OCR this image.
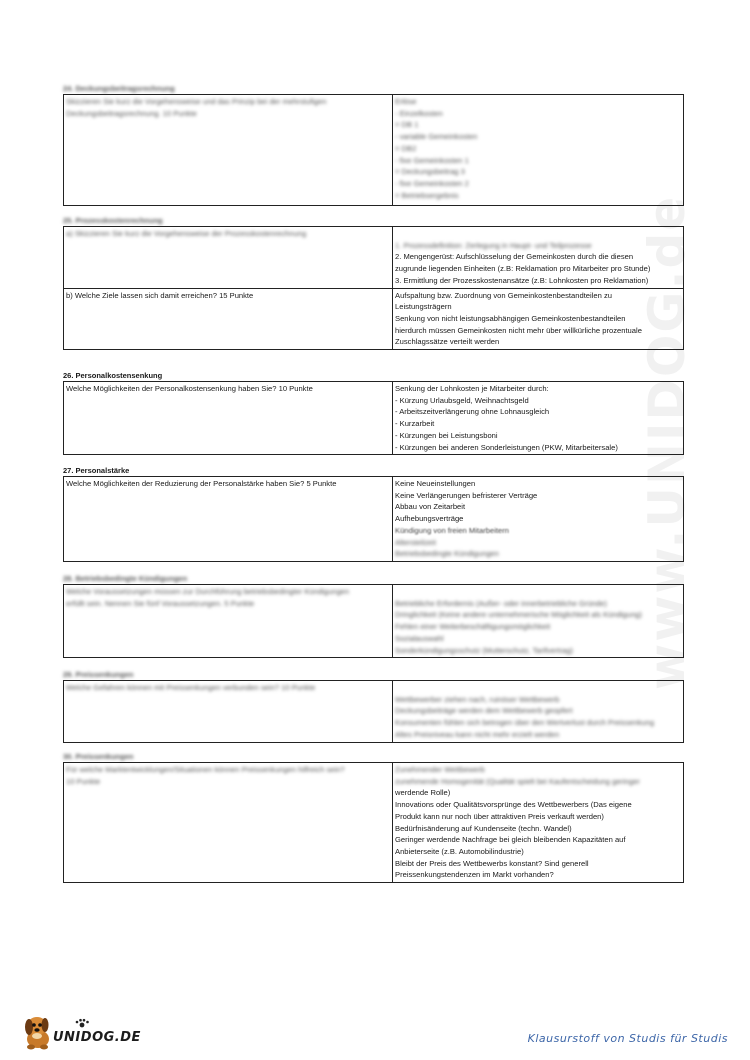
www.UNIDOG.de
24. Deckungsbeitragsrechnung
Skizzieren Sie kurz die Vorgehensweise und das Prinzip bei der mehrstufigen
Deckungsbeitragsrechnung. 10 Punkte

Erlöse
- Einzelkosten
= DB 1
- variable Gemeinkosten
= DB2
- fixe Gemeinkosten 1
= Deckungsbeitrag 3
- fixe Gemeinkosten 2
= Betriebsergebnis
25. Prozesskostenrechnung
a) Skizzieren Sie kurz die Vorgehensweise der Prozesskostenrechnung	1. Prozessdefinition: Zerlegung in Haupt- und Teilprozesse
2. Mengengerüst: Aufschlüsselung der Gemeinkosten durch die diesen
zugrunde liegenden Einheiten (z.B: Reklamation pro Mitarbeiter pro Stunde)
3. Ermittlung der Prozesskostenansätze (z.B: Lohnkosten pro Reklamation)

b) Welche Ziele lassen sich damit erreichen? 15 Punkte	Aufspaltung bzw. Zuordnung von Gemeinkostenbestandteilen zu
Leistungsträgern
Senkung von nicht leistungsabhängigen Gemeinkostenbestandteilen
hierdurch müssen Gemeinkosten nicht mehr über willkürliche prozentuale
Zuschlagssätze verteilt werden
26. Personalkostensenkung
Welche Möglichkeiten der Personalkostensenkung haben Sie? 10 Punkte	Senkung der Lohnkosten je Mitarbeiter durch:
- Kürzung Urlaubsgeld, Weihnachtsgeld
- Arbeitszeitverlängerung ohne Lohnausgleich
- Kurzarbeit
- Kürzungen bei Leistungsboni
- Kürzungen bei anderen Sonderleistungen (PKW, Mitarbeitersale)
27. Personalstärke
Welche Möglichkeiten der Reduzierung der Personalstärke haben Sie? 5 Punkte	Keine Neueinstellungen
Keine Verlängerungen befristerer Verträge
Abbau von Zeitarbeit
Aufhebungsverträge
Kündigung von freien Mitarbeitern
Altersteilzeit
Betriebsbedingte Kündigungen
28. Betriebsbedingte Kündigungen
Welche Voraussetzungen müssen zur Durchführung betriebsbedingter Kündigungen
erfüllt sein. Nennen Sie fünf Voraussetzungen. 5 Punkte	Betriebliche Erfordernis (Außer- oder innerbetriebliche Gründe)
Dringlichkeit (Keine andere unternehmerische Möglichkeit als Kündigung)
Fehlen einer Weiterbeschäftigungsmöglichkeit
Sozialauswahl
Sonderkündigungsschutz (Mutterschutz, Tarifvertrag)
29. Preissenkungen
Welche Gefahren können mit Preissenkungen verbunden sein? 10 Punkte

Wettbewerber ziehen nach, ruinöser Wettbewerb
Deckungsbeiträge werden dem Wettbewerb geopfert
Konsumenten fühlen sich betrogen über den Wertverlust durch Preissenkung
Altes Preisniveau kann nicht mehr erzielt werden
30. Preissenkungen
Für welche Marktentwicklungen/Situationen können Preissenkungen hilfreich sein?
10 Punkte

Zunehmender Wettbewerb
zunehmende Homogenität (Qualität spielt bei Kaufentscheidung geringer
werdende Rolle)
Innovations oder Qualitätsvorsprünge des Wettbewerbers (Das eigene
Produkt kann nur noch über attraktiven Preis verkauft werden)
Bedürfnisänderung auf Kundenseite (techn. Wandel)
Geringer werdende Nachfrage bei gleich bleibenden Kapazitäten auf
Anbieterseite (z.B. Automobilindustrie)
Bleibt der Preis des Wettbewerbs konstant? Sind generell
Preissenkungstendenzen im Markt vorhanden?
UNIDOG.DE	Klausurstoff von Studis für Studis
